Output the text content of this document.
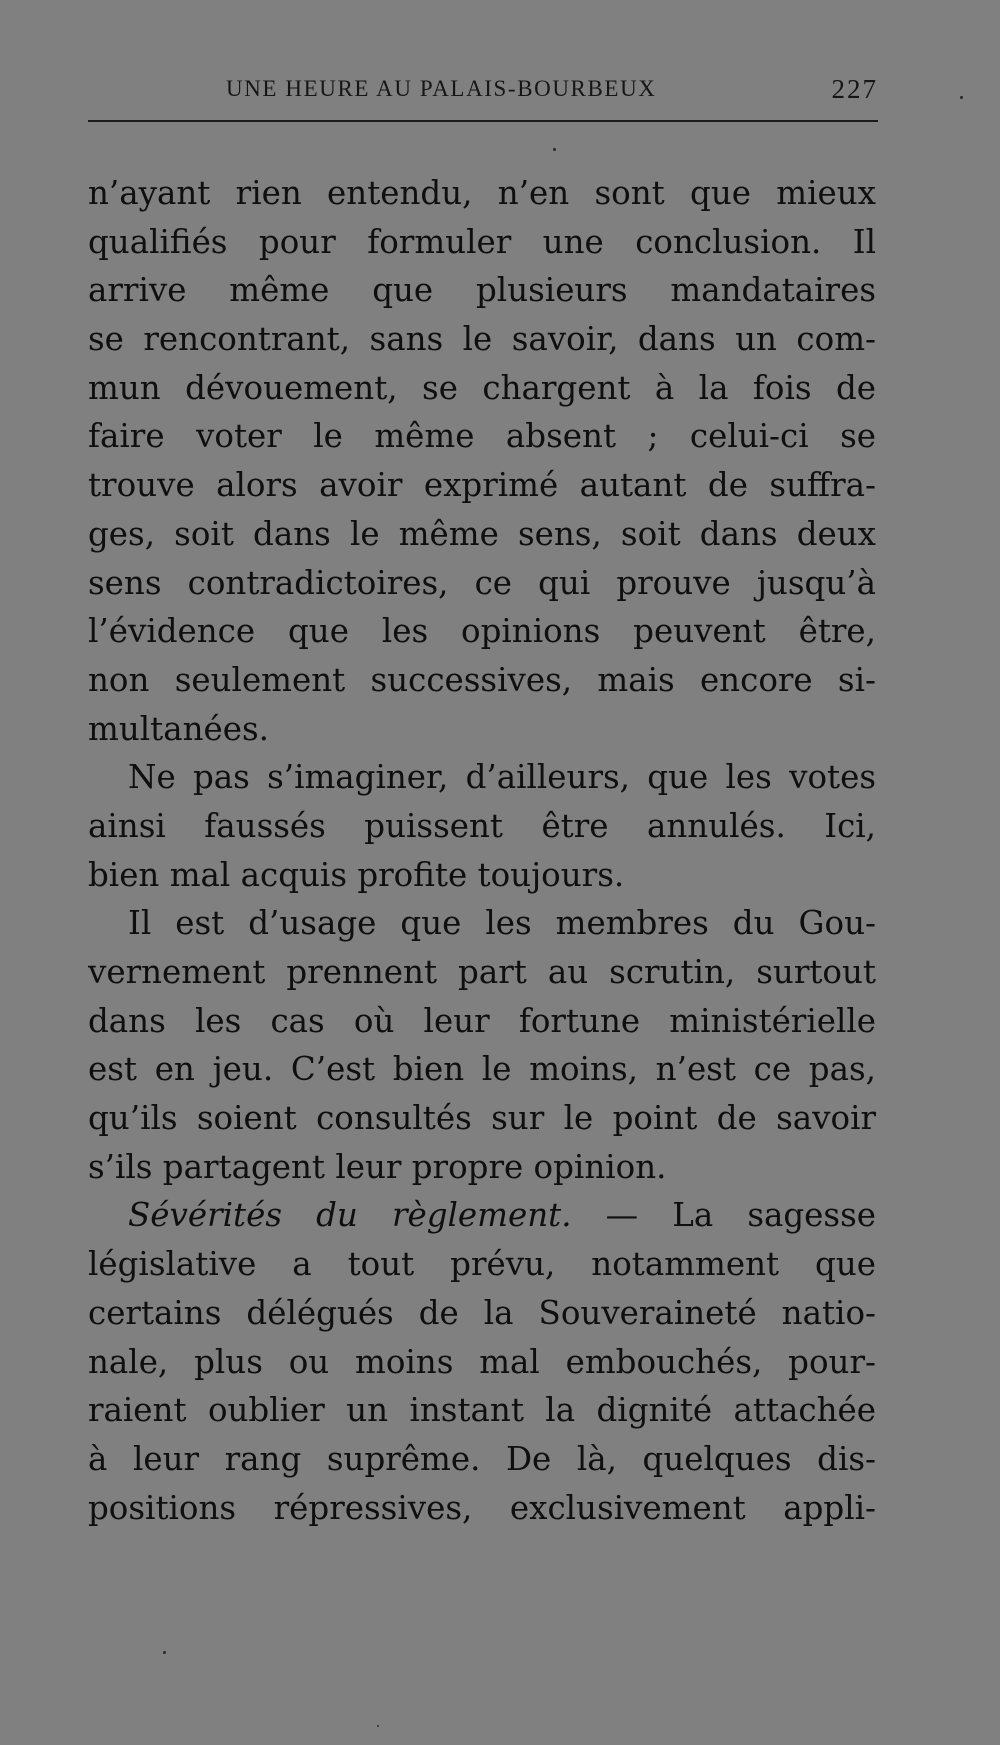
UNE HEURE AU PALAIS-BOURBEUX	227
n’ayant rien entendu, n’en sont que mieux
qualifiés pour formuler une conclusion. Il
arrive même que plusieurs mandataires
se rencontrant, sans le savoir, dans un com-
mun dévouement, se chargent à la fois de
faire voter le même absent ; celui-ci se
trouve alors avoir exprimé autant de suffra-
ges, soit dans le même sens, soit dans deux
sens contradictoires, ce qui prouve jusqu’à
l’évidence que les opinions peuvent être,
non seulement successives, mais encore si-
multanées.
Ne pas s’imaginer, d’ailleurs, que les votes
ainsi faussés puissent être annulés. Ici,
bien mal acquis profite toujours.
Il est d’usage que les membres du Gou-
vernement prennent part au scrutin, surtout
dans les cas où leur fortune ministérielle
est en jeu. C’est bien le moins, n’est ce pas,
qu’ils soient consultés sur le point de savoir
s’ils partagent leur propre opinion.
Sévérités du règlement. — La sagesse
législative a tout prévu, notamment que
certains délégués de la Souveraineté natio-
nale, plus ou moins mal embouchés, pour-
raient oublier un instant la dignité attachée
à leur rang suprême. De là, quelques dis-
positions répressives, exclusivement appli-
